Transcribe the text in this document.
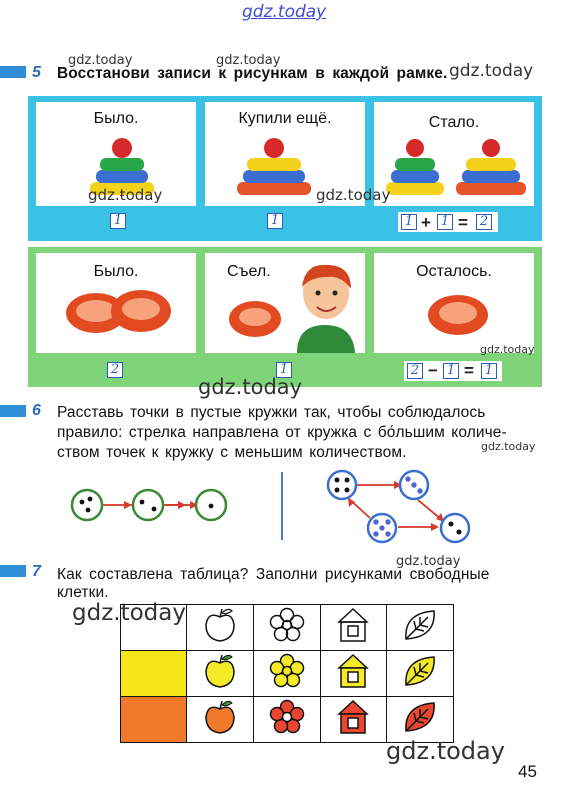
gdz.today
5 Восстанови записи к рисункам в каждой рамке.
gdz.today	gdz.today
gdz.today
Было.	Купили ещё.	Стало.
1	1	1 + 1 = 2
gdz.today	gdz.today
Было.	Съел.	Осталось.
2	1	2 − 1 = 1
gdz.today
gdz.today
6 Расставь точки в пустые кружки так, чтобы соблюдалось
правило: стрелка направлена от кружка с бо́льшим количе-
ством точек к кружку с меньшим количеством.	gdz.today
7 Как составлена таблица? Заполни рисунками свободные
клетки.
gdz.today
gdz.today

gdz.today
45
